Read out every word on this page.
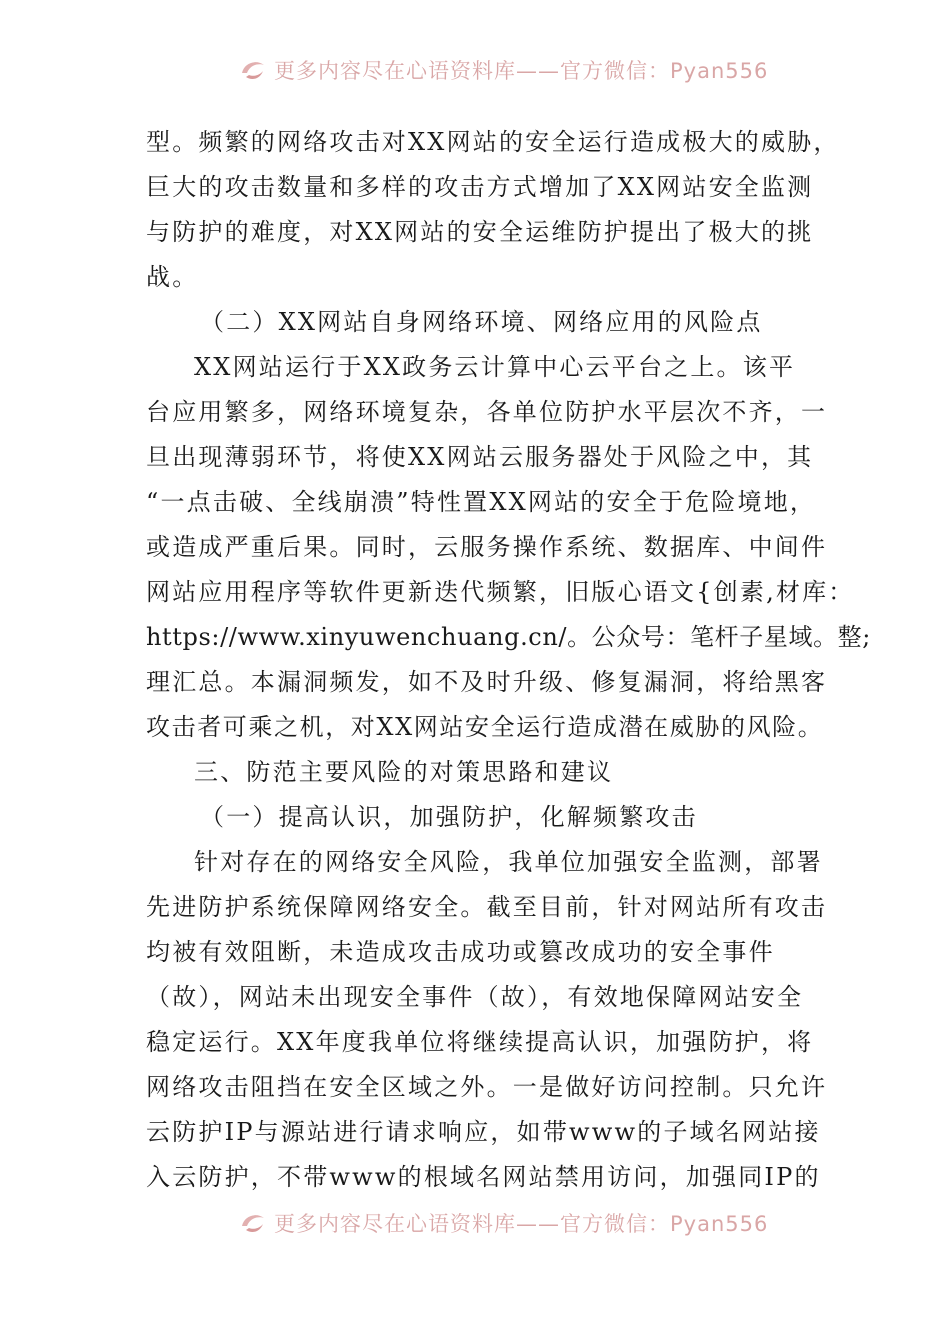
更多内容尽在心语资料库——官方微信：Pyan556
型。频繁的网络攻击对XX网站的安全运行造成极大的威胁，
巨大的攻击数量和多样的攻击方式增加了XX网站安全监测
与防护的难度，对XX网站的安全运维防护提出了极大的挑
战。
（二）XX网站自身网络环境、网络应用的风险点
XX网站运行于XX政务云计算中心云平台之上。该平
台应用繁多，网络环境复杂，各单位防护水平层次不齐，一
旦出现薄弱环节，将使XX网站云服务器处于风险之中，其
“一点击破、全线崩溃”特性置XX网站的安全于危险境地，
或造成严重后果。同时，云服务操作系统、数据库、中间件
网站应用程序等软件更新迭代频繁，旧版心语文{创素,材库：
https://www.xinyuwenchuang.cn/。公众号：笔杆子星域。整;
理汇总。本漏洞频发，如不及时升级、修复漏洞，将给黑客
攻击者可乘之机，对XX网站安全运行造成潜在威胁的风险。
三、防范主要风险的对策思路和建议
（一）提高认识，加强防护，化解频繁攻击
针对存在的网络安全风险，我单位加强安全监测，部署
先进防护系统保障网络安全。截至目前，针对网站所有攻击
均被有效阻断，未造成攻击成功或篡改成功的安全事件
（故），网站未出现安全事件（故），有效地保障网站安全
稳定运行。XX年度我单位将继续提高认识，加强防护，将
网络攻击阻挡在安全区域之外。一是做好访问控制。只允许
云防护IP与源站进行请求响应，如带www的子域名网站接
入云防护，不带www的根域名网站禁用访问，加强同IP的
更多内容尽在心语资料库——官方微信：Pyan556
